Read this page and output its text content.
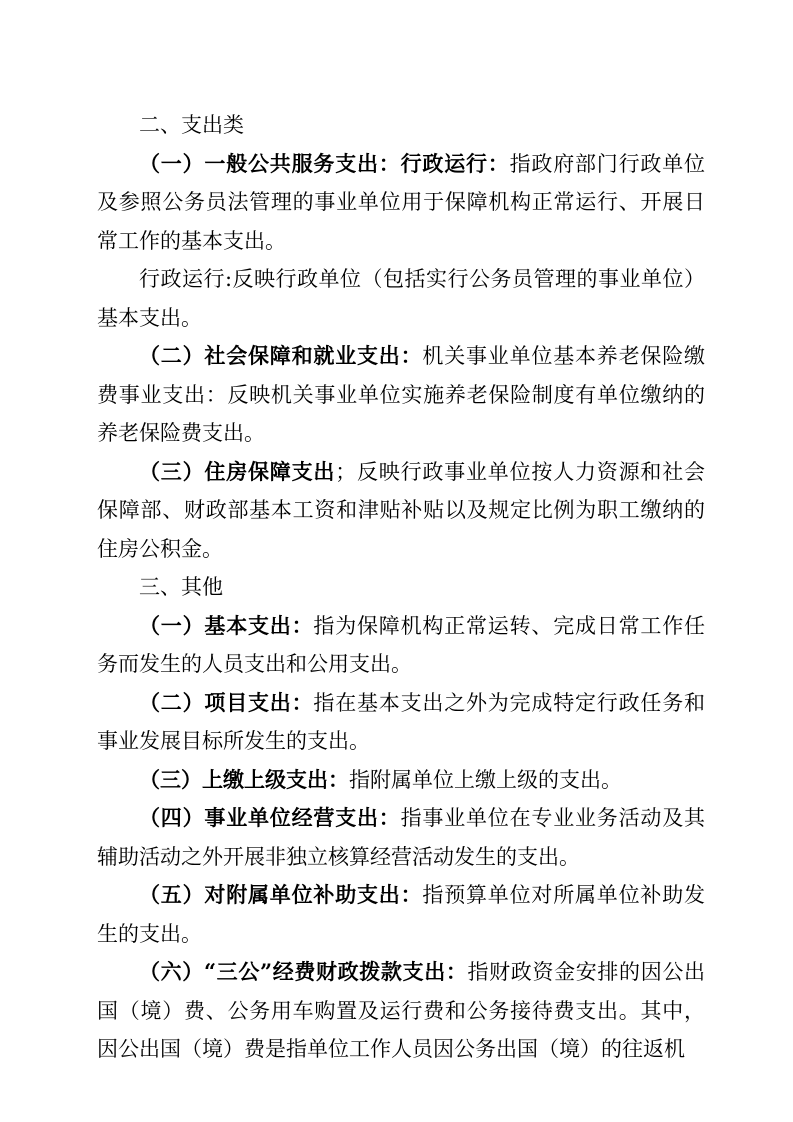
二、支出类

（一）一般公共服务支出：行政运行：指政府部门行政单位及参照公务员法管理的事业单位用于保障机构正常运行、开展日常工作的基本支出。

行政运行:反映行政单位（包括实行公务员管理的事业单位）基本支出。

（二）社会保障和就业支出：机关事业单位基本养老保险缴费事业支出：反映机关事业单位实施养老保险制度有单位缴纳的养老保险费支出。

（三）住房保障支出；反映行政事业单位按人力资源和社会保障部、财政部基本工资和津贴补贴以及规定比例为职工缴纳的住房公积金。

三、其他

（一）基本支出：指为保障机构正常运转、完成日常工作任务而发生的人员支出和公用支出。

（二）项目支出：指在基本支出之外为完成特定行政任务和事业发展目标所发生的支出。

（三）上缴上级支出：指附属单位上缴上级的支出。

（四）事业单位经营支出：指事业单位在专业业务活动及其辅助活动之外开展非独立核算经营活动发生的支出。

（五）对附属单位补助支出：指预算单位对所属单位补助发生的支出。

（六）“三公”经费财政拨款支出：指财政资金安排的因公出国（境）费、公务用车购置及运行费和公务接待费支出。其中，因公出国（境）费是指单位工作人员因公务出国（境）的往返机
